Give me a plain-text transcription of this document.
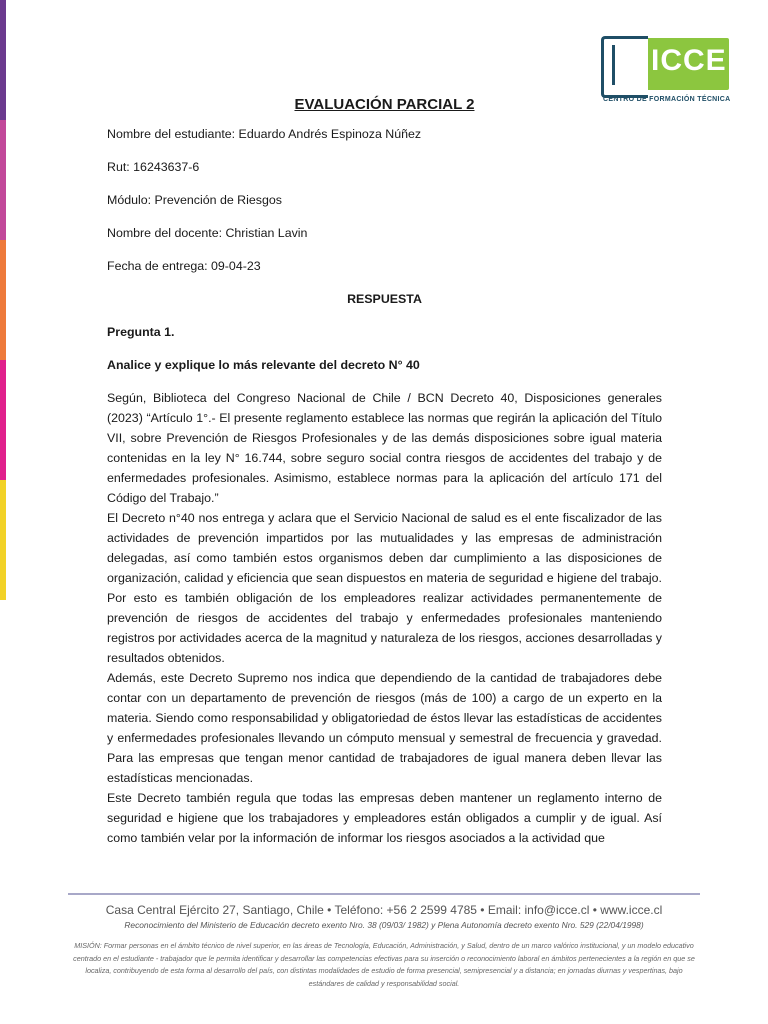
ICCE
CENTRO DE FORMACIÓN TÉCNICA
EVALUACIÓN PARCIAL 2
Nombre del estudiante: Eduardo Andrés Espinoza Núñez
Rut: 16243637-6
Módulo: Prevención de Riesgos
Nombre del docente: Christian Lavin
Fecha de entrega: 09-04-23
RESPUESTA
Pregunta 1.
Analice y explique lo más relevante del decreto N° 40

Según, Biblioteca del Congreso Nacional de Chile / BCN Decreto 40, Disposiciones generales (2023) “Artículo 1°.- El presente reglamento establece las normas que regirán la aplicación del Título VII, sobre Prevención de Riesgos Profesionales y de las demás disposiciones sobre igual materia contenidas en la ley N° 16.744, sobre seguro social contra riesgos de accidentes del trabajo y de enfermedades profesionales. Asimismo, establece normas para la aplicación del artículo 171 del Código del Trabajo.”

El Decreto n°40 nos entrega y aclara que el Servicio Nacional de salud es el ente fiscalizador de las actividades de prevención impartidos por las mutualidades y las empresas de administración delegadas, así como también estos organismos deben dar cumplimiento a las disposiciones de organización, calidad y eficiencia que sean dispuestos en materia de seguridad e higiene del trabajo. Por esto es también obligación de los empleadores realizar actividades permanentemente de prevención de riesgos de accidentes del trabajo y enfermedades profesionales manteniendo registros por actividades acerca de la magnitud y naturaleza de los riesgos, acciones desarrolladas y resultados obtenidos.

Además, este Decreto Supremo nos indica que dependiendo de la cantidad de trabajadores debe contar con un departamento de prevención de riesgos (más de 100) a cargo de un experto en la materia. Siendo como responsabilidad y obligatoriedad de éstos llevar las estadísticas de accidentes y enfermedades profesionales llevando un cómputo mensual y semestral de frecuencia y gravedad. Para las empresas que tengan menor cantidad de trabajadores de igual manera deben llevar las estadísticas mencionadas.

Este Decreto también regula que todas las empresas deben mantener un reglamento interno de seguridad e higiene que los trabajadores y empleadores están obligados a cumplir y de igual. Así como también velar por la información de informar los riesgos asociados a la actividad que

Casa Central Ejército 27, Santiago, Chile • Teléfono: +56 2 2599 4785 • Email: info@icce.cl • www.icce.cl
Reconocimiento del Ministerio de Educación decreto exento Nro. 38 (09/03/ 1982) y Plena Autonomía decreto exento Nro. 529 (22/04/1998)
MISIÓN: Formar personas en el ámbito técnico de nivel superior, en las áreas de Tecnología, Educación, Administración, y Salud, dentro de un marco valórico institucional, y un modelo educativo centrado en el estudiante - trabajador que le permita identificar y desarrollar las competencias efectivas para su inserción o reconocimiento laboral en ámbitos pertenecientes a la región en que se localiza, contribuyendo de esta forma al desarrollo del país, con distintas modalidades de estudio de forma presencial, semipresencial y a distancia; en jornadas diurnas y vespertinas, bajo estándares de calidad y responsabilidad social.
